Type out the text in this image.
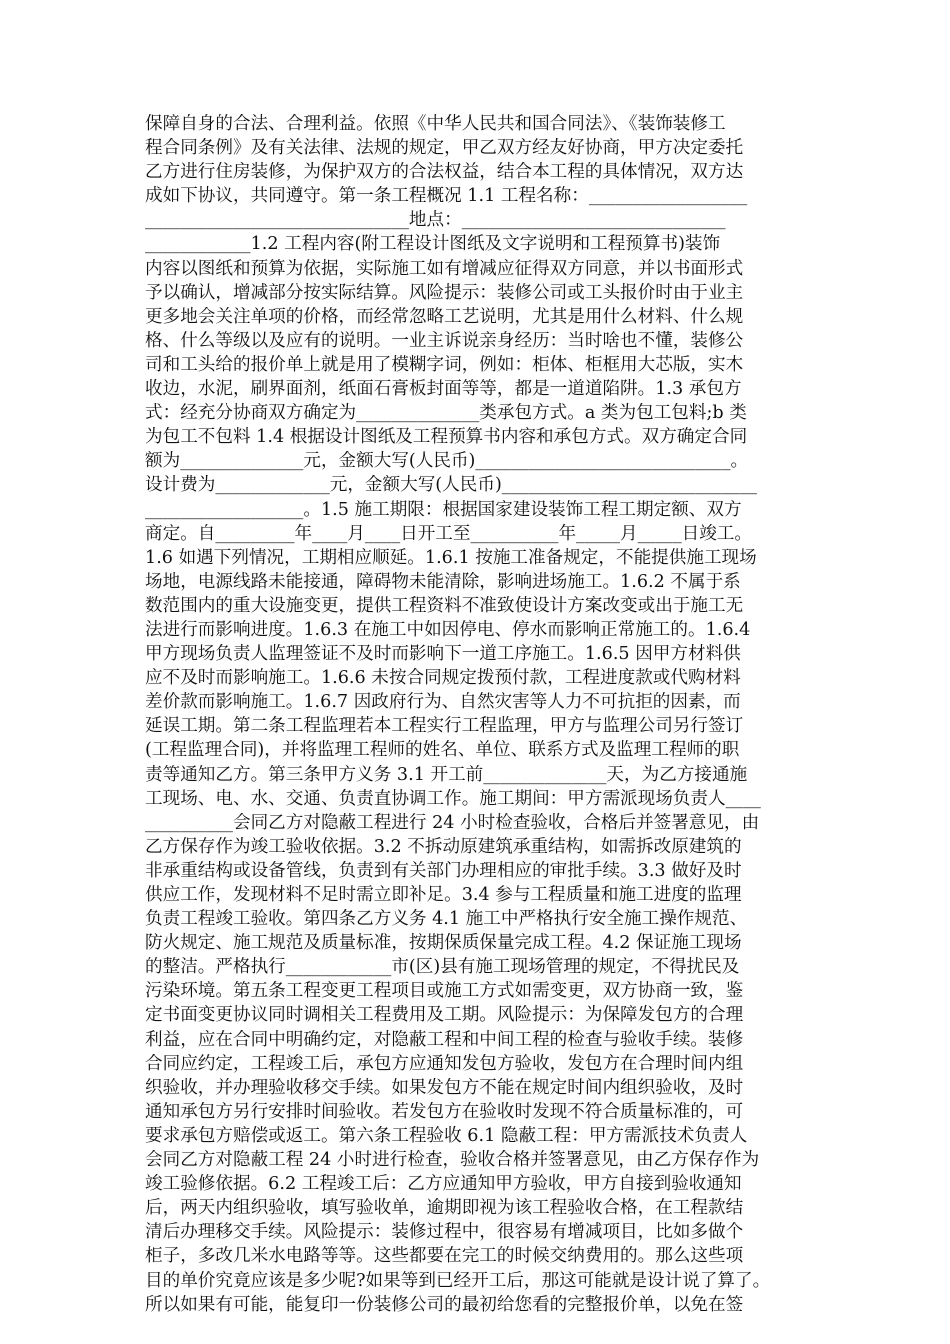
保障自身的合法、合理利益。依照《中华人民共和国合同法》、《装饰装修工
程合同条例》及有关法律、法规的规定，甲乙双方经友好协商，甲方决定委托
乙方进行住房装修，为保护双方的合法权益，结合本工程的具体情况，双方达
成如下协议，共同遵守。第一条工程概况 1.1 工程名称：__________________
______________________________地点：______________________________
____________1.2 工程内容(附工程设计图纸及文字说明和工程预算书)装饰
内容以图纸和预算为依据，实际施工如有增减应征得双方同意，并以书面形式
予以确认，增减部分按实际结算。风险提示：装修公司或工头报价时由于业主
更多地会关注单项的价格，而经常忽略工艺说明，尤其是用什么材料、什么规
格、什么等级以及应有的说明。一业主诉说亲身经历：当时啥也不懂，装修公
司和工头给的报价单上就是用了模糊字词，例如：柜体、柜框用大芯版，实木
收边，水泥，刷界面剂，纸面石膏板封面等等，都是一道道陷阱。1.3 承包方
式：经充分协商双方确定为______________类承包方式。a 类为包工包料;b 类
为包工不包料 1.4 根据设计图纸及工程预算书内容和承包方式。双方确定合同
额为______________元，金额大写(人民币)_____________________________。
设计费为_____________元，金额大写(人民币)_____________________________
__________________。1.5 施工期限：根据国家建设装饰工程工期定额、双方
商定。自_________年____月____日开工至__________年_____月_____日竣工。
1.6 如遇下列情况，工期相应顺延。1.6.1 按施工准备规定，不能提供施工现场
场地，电源线路未能接通，障碍物未能清除，影响进场施工。1.6.2 不属于系
数范围内的重大设施变更，提供工程资料不准致使设计方案改变或出于施工无
法进行而影响进度。1.6.3 在施工中如因停电、停水而影响正常施工的。1.6.4
甲方现场负责人监理签证不及时而影响下一道工序施工。1.6.5 因甲方材料供
应不及时而影响施工。1.6.6 未按合同规定拨预付款，工程进度款或代购材料
差价款而影响施工。1.6.7 因政府行为、自然灾害等人力不可抗拒的因素，而
延误工期。第二条工程监理若本工程实行工程监理，甲方与监理公司另行签订
(工程监理合同)，并将监理工程师的姓名、单位、联系方式及监理工程师的职
责等通知乙方。第三条甲方义务 3.1 开工前______________天，为乙方接通施
工现场、电、水、交通、负责直协调工作。施工期间：甲方需派现场负责人____
__________会同乙方对隐蔽工程进行 24 小时检查验收，合格后并签署意见，由
乙方保存作为竣工验收依据。3.2 不拆动原建筑承重结构，如需拆改原建筑的
非承重结构或设备管线，负责到有关部门办理相应的审批手续。3.3 做好及时
供应工作，发现材料不足时需立即补足。3.4 参与工程质量和施工进度的监理
负责工程竣工验收。第四条乙方义务 4.1 施工中严格执行安全施工操作规范、
防火规定、施工规范及质量标准，按期保质保量完成工程。4.2 保证施工现场
的整洁。严格执行____________市(区)县有施工现场管理的规定，不得扰民及
污染环境。第五条工程变更工程项目或施工方式如需变更，双方协商一致，鉴
定书面变更协议同时调相关工程费用及工期。风险提示：为保障发包方的合理
利益，应在合同中明确约定，对隐蔽工程和中间工程的检查与验收手续。装修
合同应约定，工程竣工后，承包方应通知发包方验收，发包方在合理时间内组
织验收，并办理验收移交手续。如果发包方不能在规定时间内组织验收，及时
通知承包方另行安排时间验收。若发包方在验收时发现不符合质量标准的，可
要求承包方赔偿或返工。第六条工程验收 6.1 隐蔽工程：甲方需派技术负责人
会同乙方对隐蔽工程 24 小时进行检查，验收合格并签署意见，由乙方保存作为
竣工验修依据。6.2 工程竣工后：乙方应通知甲方验收，甲方自接到验收通知
后，两天内组织验收，填写验收单，逾期即视为该工程验收合格，在工程款结
清后办理移交手续。风险提示：装修过程中，很容易有增减项目，比如多做个
柜子，多改几米水电路等等。这些都要在完工的时候交纳费用的。那么这些项
目的单价究竟应该是多少呢?如果等到已经开工后，那这可能就是设计说了算了。
所以如果有可能，能复印一份装修公司的最初给您看的完整报价单，以免在签
